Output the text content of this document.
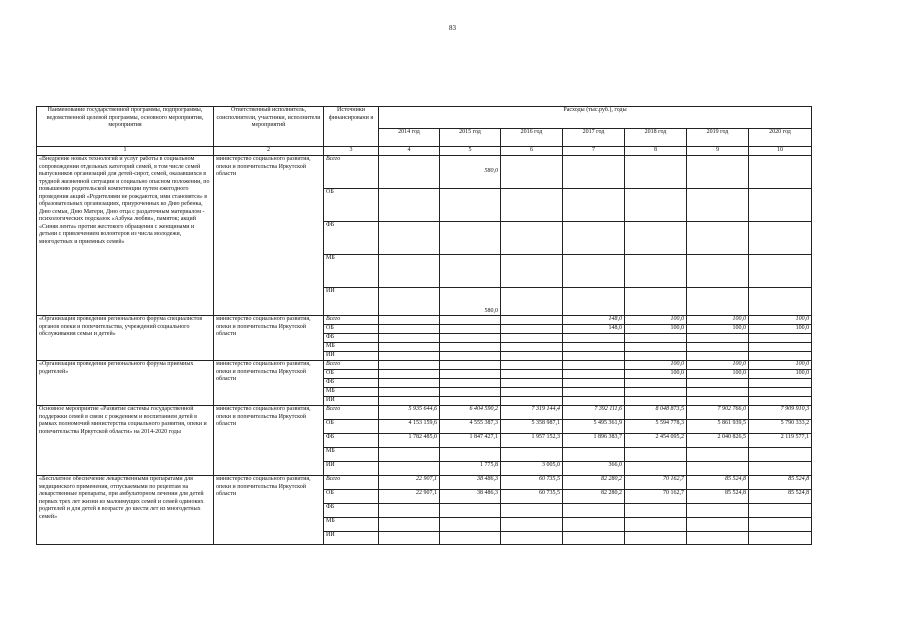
83
Наименование государственной программы, подпрограммы, ведомственной целевой программы, основного мероприятия, мероприятия	Ответственный исполнитель, соисполнители, участники, исполнители мероприятий	Источники финансировани я	Расходы (тыс.руб.), годы						
			2014 год	2015 год	2016 год	2017 год	2018 год	2019 год	2020 год
1	2	3	4	5	6	7	8	9	10
«Внедрение новых технологий и услуг работы в социальном сопровождении отдельных категорий семей, в том числе семей выпускников организаций для детей-сирот, семей, оказавшихся в трудной жизненной ситуации и социально опасном положении, по повышению родительской компетенции путем ежегодного проведения акций «Родителями не рождаются, ими становятся» в образовательных организациях, приуроченных ко Дню ребенка, Дню семьи, Дню Матери, Дню отца с раздаточным материалом - психологических подсказок «Азбука любви», памяток; акций «Синяя лента» против жестокого обращения с женщинами и детьми с привлечением волонтеров из числа молодежи, многодетных и приемных семей»	министерство социального развития, опеки и попечительства Иркутской области	Всего		580,0					
		ОБ							
		ФБ							
		МБ							
		ИИ		580,0					
«Организация проведения регионального форума специалистов органов опеки и попечительства, учреждений социального обслуживания семьи и детей»	министерство социального развития, опеки и попечительства Иркутской области	Всего				148,0	100,0	100,0	100,0
		ОБ				148,0	100,0	100,0	100,0
		ФБ							
		МБ							
		ИИ							
«Организация проведения регионального форума приемных родителей»	министерство социального развития, опеки и попечительства Иркутской области	Всего					100,0	100,0	100,0
		ОБ					100,0	100,0	100,0
		ФБ							
		МБ							
		ИИ							
Основное мероприятие «Развитие системы государственной поддержки семей в связи с рождением и воспитанием детей в рамках полномочий министерства социального развития, опеки и попечительства Иркутской области» на 2014-2020 годы	министерство социального развития, опеки и попечительства Иркутской области	Всего	5 935 644,6	6 404 590,2	7 319 144,4	7 392 111,6	8 048 873,5	7 902 766,0	7 909 910,3
		ОБ	4 153 159,6	4 555 387,3	5 358 987,1	5 495 361,9	5 594 778,3	5 861 939,5	5 790 333,2
		ФБ	1 782 485,0	1 847 427,1	1 957 152,3	1 896 383,7	2 454 095,2	2 040 826,5	2 119 577,1
		МБ							
		ИИ		1 775,8	3 005,0	366,0			
«Бесплатное обеспечение лекарственными препаратами для медицинского применения, отпускаемыми по рецептам на лекарственные препараты, при амбулаторном лечении для детей первых трех лет жизни из малоимущих семей и семей одиноких родителей и для детей в возрасте до шести лет из многодетных семей»	министерство социального развития, опеки и попечительства Иркутской области	Всего	22 907,1	38 486,3	60 735,5	82 280,2	70 162,7	85 524,8	85 524,8
		ОБ	22 907,1	38 486,3	60 735,5	82 280,2	70 162,7	85 524,8	85 524,8
		ФБ							
		МБ							
		ИИ							
